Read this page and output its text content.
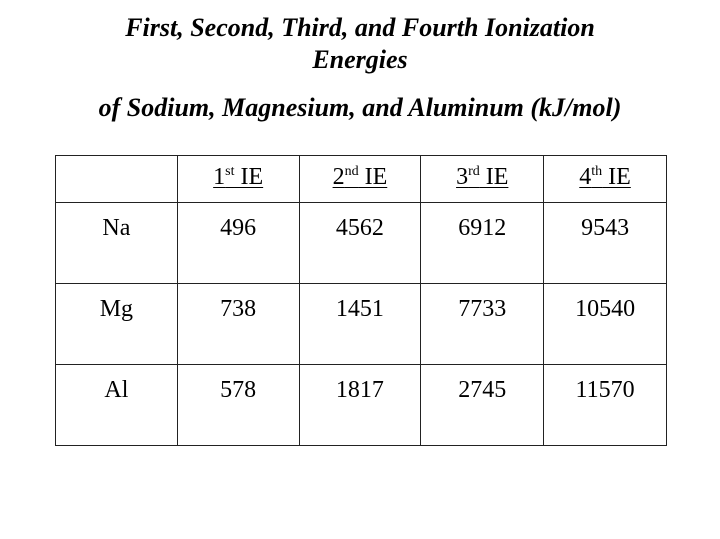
First, Second, Third, and Fourth Ionization
Energies
of Sodium, Magnesium, and Aluminum (kJ/mol)
	1st IE	2nd IE	3rd IE	4th IE
Na	496	4562	6912	9543
Mg	738	1451	7733	10540
Al	578	1817	2745	11570
